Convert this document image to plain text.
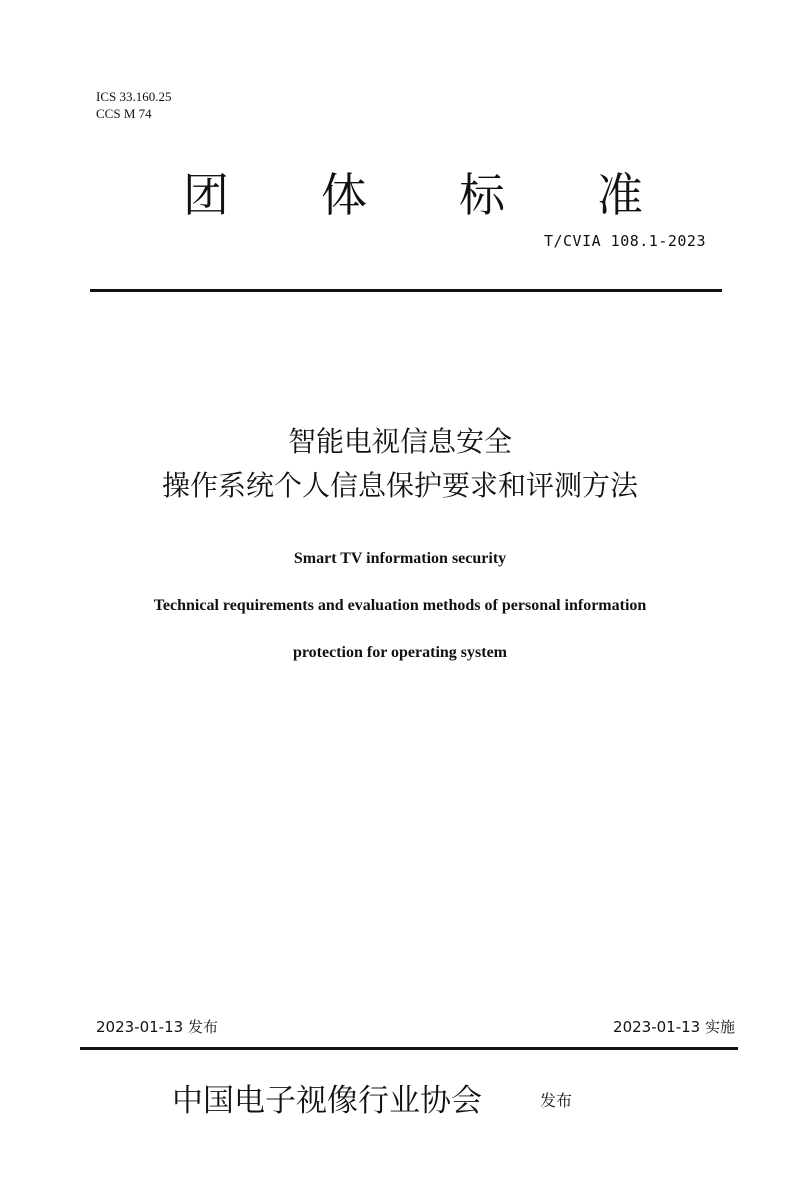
ICS 33.160.25
CCS M 74
团 体 标 准
T/CVIA 108.1-2023
智能电视信息安全
操作系统个人信息保护要求和评测方法
Smart TV information security
Technical requirements and evaluation methods of personal information
protection for operating system
2023-01-13 发布	2023-01-13 实施
中国电子视像行业协会	发布
